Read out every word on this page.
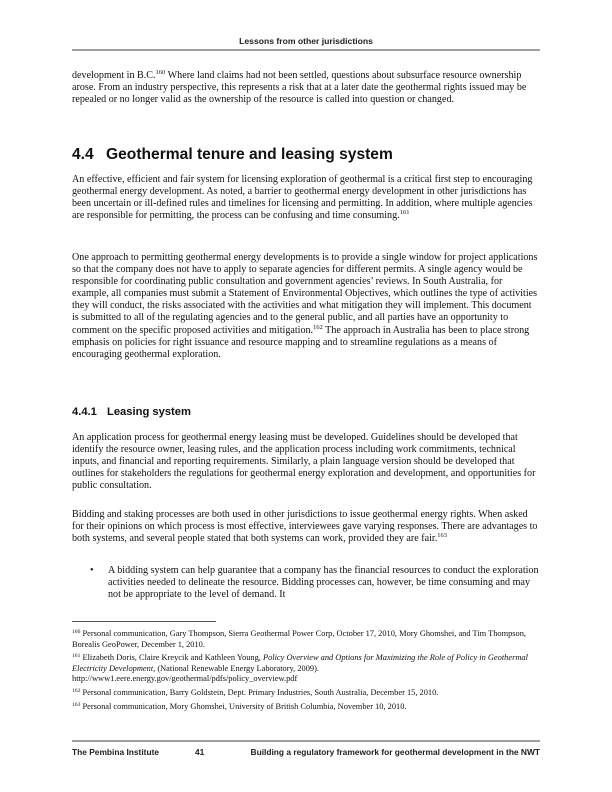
Lessons from other jurisdictions

development in B.C.$^{160}$ Where land claims had not been settled, questions about subsurface resource ownership arose. From an industry perspective, this represents a risk that at a later date the geothermal rights issued may be repealed or no longer valid as the ownership of the resource is called into question or changed.

4.4 Geothermal tenure and leasing system

An effective, efficient and fair system for licensing exploration of geothermal is a critical first step to encouraging geothermal energy development. As noted, a barrier to geothermal energy development in other jurisdictions has been uncertain or ill-defined rules and timelines for licensing and permitting. In addition, where multiple agencies are responsible for permitting, the process can be confusing and time consuming.$^{161}$

One approach to permitting geothermal energy developments is to provide a single window for project applications so that the company does not have to apply to separate agencies for different permits. A single agency would be responsible for coordinating public consultation and government agencies’ reviews. In South Australia, for example, all companies must submit a Statement of Environmental Objectives, which outlines the type of activities they will conduct, the risks associated with the activities and what mitigation they will implement. This document is submitted to all of the regulating agencies and to the general public, and all parties have an opportunity to comment on the specific proposed activities and mitigation.$^{162}$ The approach in Australia has been to place strong emphasis on policies for right issuance and resource mapping and to streamline regulations as a means of encouraging geothermal exploration.

4.4.1 Leasing system

An application process for geothermal energy leasing must be developed. Guidelines should be developed that identify the resource owner, leasing rules, and the application process including work commitments, technical inputs, and financial and reporting requirements. Similarly, a plain language version should be developed that outlines for stakeholders the regulations for geothermal energy exploration and development, and opportunities for public consultation.

Bidding and staking processes are both used in other jurisdictions to issue geothermal energy rights. When asked for their opinions on which process is most effective, interviewees gave varying responses. There are advantages to both systems, and several people stated that both systems can work, provided they are fair.$^{163}$

• A bidding system can help guarantee that a company has the financial resources to conduct the exploration activities needed to delineate the resource. Bidding processes can, however, be time consuming and may not be appropriate to the level of demand. It

$^{160}$ Personal communication, Gary Thompson, Sierra Geothermal Power Corp, October 17, 2010, Mory Ghomshei, and Tim Thompson, Borealis GeoPower, December 1, 2010.

$^{161}$ Elizabeth Doris, Claire Kreycik and Kathleen Young, Policy Overview and Options for Maximizing the Role of Policy in Geothermal Electricity Development, (National Renewable Energy Laboratory, 2009). http://www1.eere.energy.gov/geothermal/pdfs/policy_overview.pdf

$^{162}$ Personal communication, Barry Goldstein, Dept. Primary Industries, South Australia, December 15, 2010.

$^{163}$ Personal communication, Mory Ghomshei, University of British Columbia, November 10, 2010.

The Pembina Institute	41	Building a regulatory framework for geothermal development in the NWT
